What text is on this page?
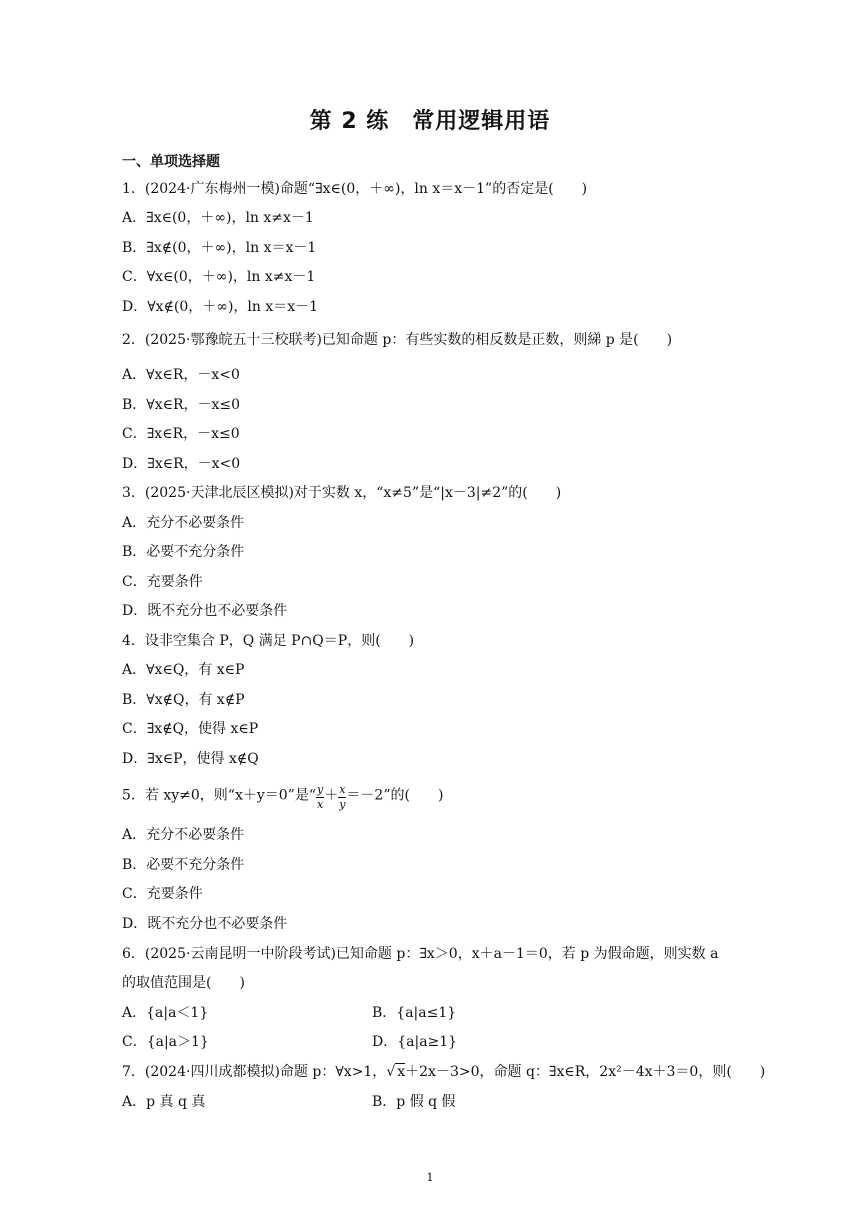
第 2 练　常用逻辑用语
一、单项选择题
1．(2024·广东梅州一模)命题“∃x∈(0，＋∞)，ln x＝x－1”的否定是(　　)
A．∃x∈(0，＋∞)，ln x≠x－1
B．∃x∉(0，＋∞)，ln x＝x－1
C．∀x∈(0，＋∞)，ln x≠x－1
D．∀x∉(0，＋∞)，ln x＝x－1
2．(2025·鄂豫皖五十三校联考)已知命题 p：有些实数的相反数是正数，则綈 p 是(　　)
A．∀x∈R，－x<0
B．∀x∈R，－x≤0
C．∃x∈R，－x≤0
D．∃x∈R，－x<0
3．(2025·天津北辰区模拟)对于实数 x，“x≠5”是“|x－3|≠2”的(　　)
A．充分不必要条件
B．必要不充分条件
C．充要条件
D．既不充分也不必要条件
4．设非空集合 P，Q 满足 P∩Q＝P，则(　　)
A．∀x∈Q，有 x∈P
B．∀x∉Q，有 x∉P
C．∃x∉Q，使得 x∈P
D．∃x∈P，使得 x∉Q
5．若 xy≠0，则“x＋y＝0”是“ $\frac{y}{x} + \frac{x}{y} =-2$”的(　　)
A．充分不必要条件
B．必要不充分条件
C．充要条件
D．既不充分也不必要条件
6．(2025·云南昆明一中阶段考试)已知命题 p：∃x＞0，x＋a－1＝0，若 p 为假命题，则实数 a
的取值范围是(　　)
A．{a|a＜1}	B．{a|a≤1}
C．{a|a＞1}	D．{a|a≥1}
7．(2024·四川成都模拟)命题 p：∀x>1，√ x＋2x－3>0，命题 q：∃x∈R，2x²－4x＋3＝0，则(　　)
A．p 真 q 真	B．p 假 q 假
1
